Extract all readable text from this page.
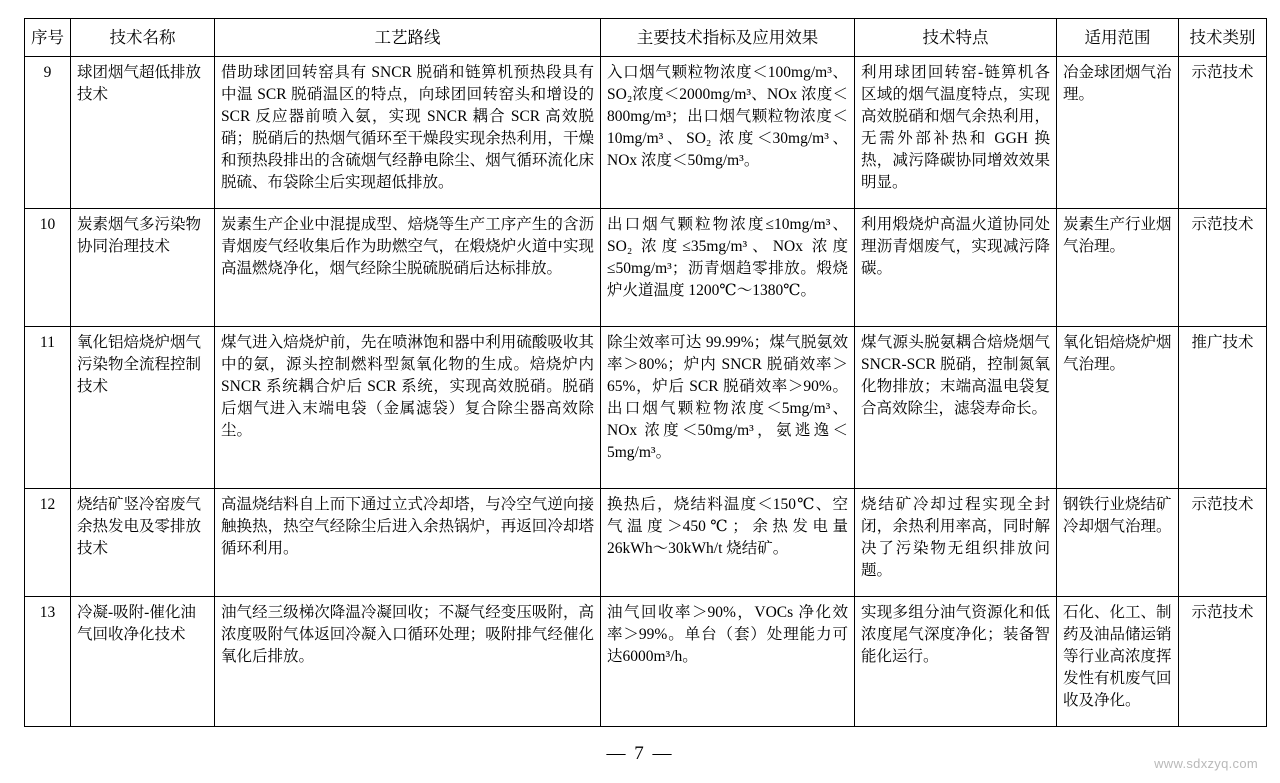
序号	技术名称	工艺路线	主要技术指标及应用效果	技术特点	适用范围	技术类别
9	球团烟气超低排放技术	借助球团回转窑具有 SNCR 脱硝和链箅机预热段具有中温 SCR 脱硝温区的特点，向球团回转窑头和增设的 SCR 反应器前喷入氨，实现 SNCR 耦合 SCR 高效脱硝；脱硝后的热烟气循环至干燥段实现余热利用，干燥和预热段排出的含硫烟气经静电除尘、烟气循环流化床脱硫、布袋除尘后实现超低排放。	入口烟气颗粒物浓度＜100mg/m³、SO₂浓度＜2000mg/m³、NOx 浓度＜800mg/m³；出口烟气颗粒物浓度＜10mg/m³、SO₂ 浓度＜30mg/m³、NOx 浓度＜50mg/m³。	利用球团回转窑-链箅机各区域的烟气温度特点，实现高效脱硝和烟气余热利用，无需外部补热和 GGH 换热，减污降碳协同增效效果明显。	冶金球团烟气治理。	示范技术
10	炭素烟气多污染物协同治理技术	炭素生产企业中混提成型、焙烧等生产工序产生的含沥青烟废气经收集后作为助燃空气，在煅烧炉火道中实现高温燃烧净化，烟气经除尘脱硫脱硝后达标排放。	出口烟气颗粒物浓度≤10mg/m³、SO₂ 浓度≤35mg/m³、NOx 浓度≤50mg/m³；沥青烟趋零排放。煅烧炉火道温度 1200℃～1380℃。	利用煅烧炉高温火道协同处理沥青烟废气，实现减污降碳。	炭素生产行业烟气治理。	示范技术
11	氧化铝焙烧炉烟气污染物全流程控制技术	煤气进入焙烧炉前，先在喷淋饱和器中利用硫酸吸收其中的氨，源头控制燃料型氮氧化物的生成。焙烧炉内 SNCR 系统耦合炉后 SCR 系统，实现高效脱硝。脱硝后烟气进入末端电袋（金属滤袋）复合除尘器高效除尘。	除尘效率可达 99.99%；煤气脱氨效率＞80%；炉内 SNCR 脱硝效率＞65%，炉后 SCR 脱硝效率＞90%。出口烟气颗粒物浓度＜5mg/m³、NOx 浓度＜50mg/m³，氨逃逸＜5mg/m³。	煤气源头脱氨耦合焙烧烟气 SNCR-SCR 脱硝，控制氮氧化物排放；末端高温电袋复合高效除尘，滤袋寿命长。	氧化铝焙烧炉烟气治理。	推广技术
12	烧结矿竖冷窑废气余热发电及零排放技术	高温烧结料自上而下通过立式冷却塔，与冷空气逆向接触换热，热空气经除尘后进入余热锅炉，再返回冷却塔循环利用。	换热后，烧结料温度＜150℃、空气温度＞450℃；余热发电量26kWh～30kWh/t 烧结矿。	烧结矿冷却过程实现全封闭，余热利用率高，同时解决了污染物无组织排放问题。	钢铁行业烧结矿冷却烟气治理。	示范技术
13	冷凝-吸附-催化油气回收净化技术	油气经三级梯次降温冷凝回收；不凝气经变压吸附，高浓度吸附气体返回冷凝入口循环处理；吸附排气经催化氧化后排放。	油气回收率＞90%，VOCs 净化效率＞99%。单台（套）处理能力可达6000m³/h。	实现多组分油气资源化和低浓度尾气深度净化；装备智能化运行。	石化、化工、制药及油品储运销等行业高浓度挥发性有机废气回收及净化。	示范技术
— 7 —	www.sdxzyq.com
